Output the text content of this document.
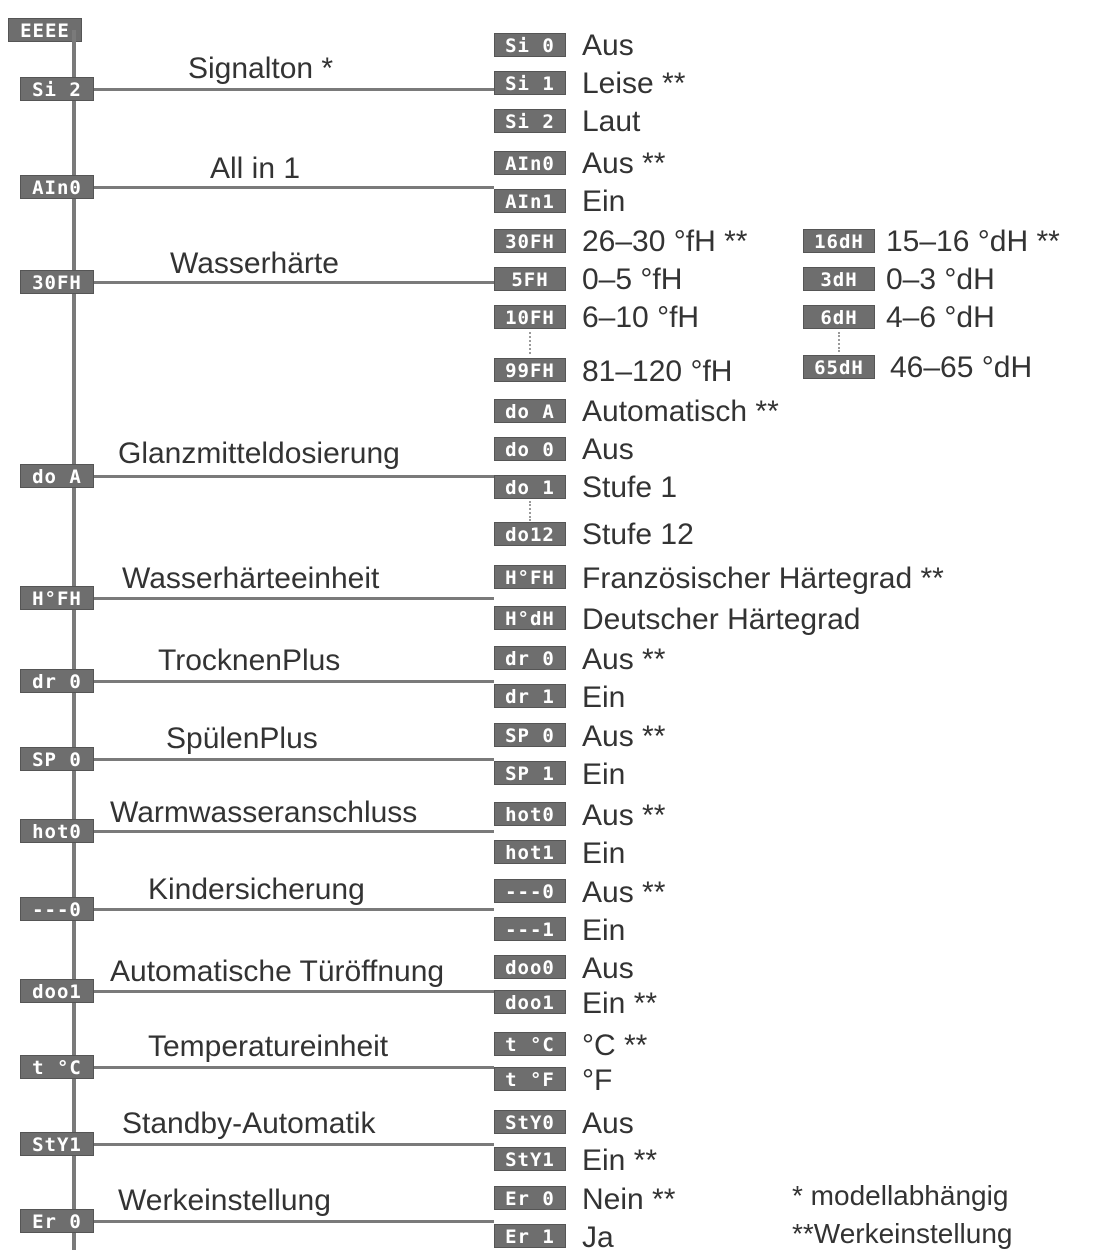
EEEE
Si 2
Signalton *
Si 0 Aus
Si 1 Leise **
Si 2 Laut
AIn0
All in 1	AIn0 Aus **
AIn1 Ein
30FH
Wasserhärte
30FH 26–30 °fH **
5FH	0–5 °fH
10FH 6–10 °fH
99FH 81–120 °fH
16dH 15–16 °dH **
3dH 0–3 °dH
6dH 4–6 °dH
65dH 46–65 °dH
do A
Glanzmitteldosierung
do A Automatisch **
do 0 Aus
do 1 Stufe 1
do12 Stufe 12
H°FH
Wasserhärteeinheit	H°FH Französischer Härtegrad **
H°dH Deutscher Härtegrad
dr 0
TrocknenPlus	dr 0 Aus **
dr 1 Ein
SP 0
SpülenPlus	SP 0 Aus **
SP 1 Ein
hot0
Warmwasseranschluss	hot0 Aus **
hot1 Ein
---0
Kindersicherung	---0 Aus **
---1 Ein
doo1
Automatische Türöffnung	doo0 Aus
doo1 Ein **
t °C
Temperatureinheit	t °C °C **
t °F °F
StY1
Standby-Automatik	StY0 Aus
StY1 Ein **
Er 0
Werkeinstellung	Er 0 Nein **
Er 1 Ja
* modellabhängig
**Werkeinstellung
